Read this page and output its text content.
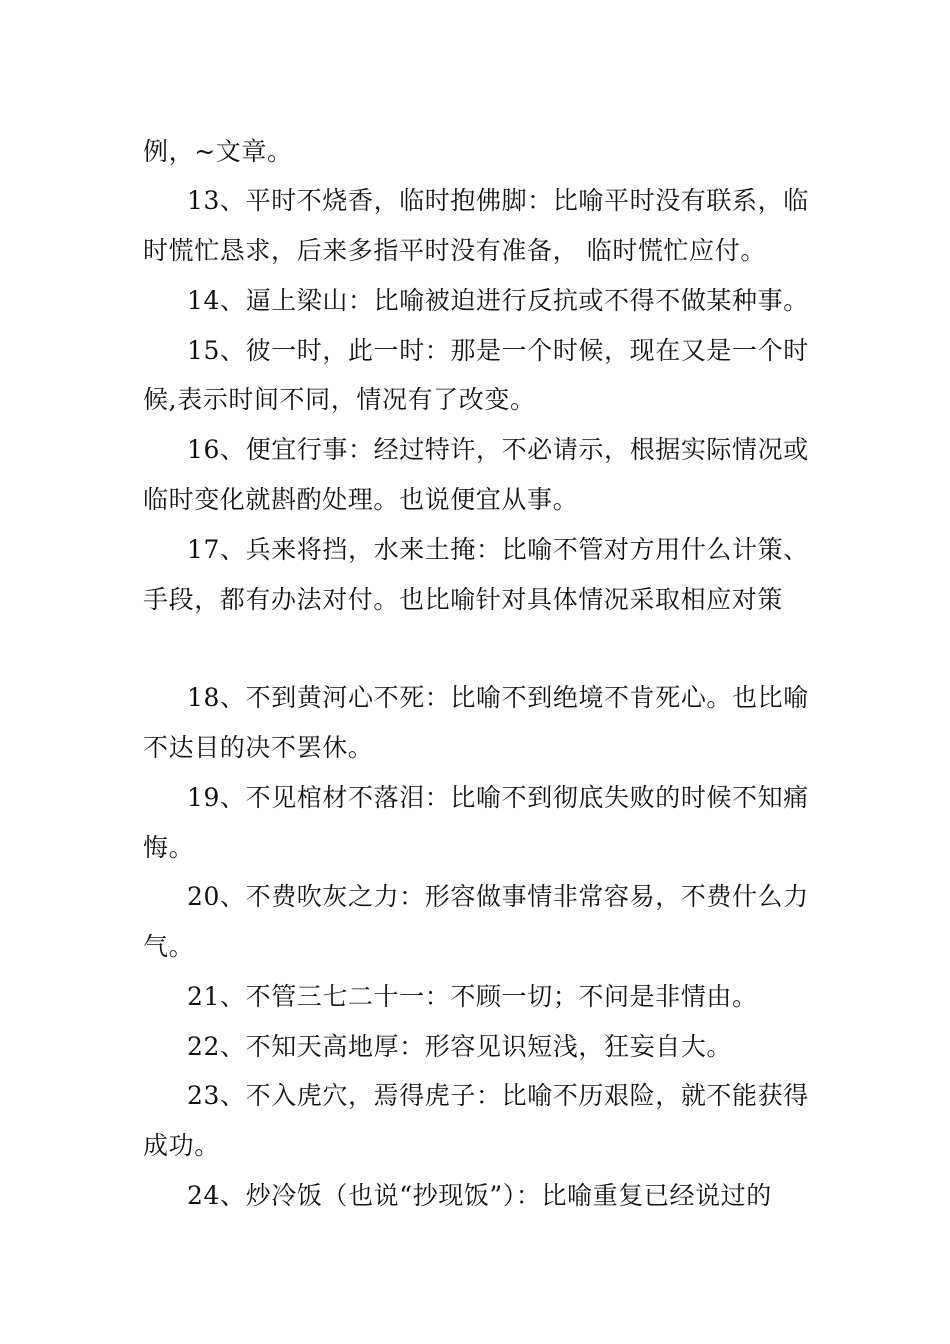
例，~文章。
13、平时不烧香，临时抱佛脚：比喻平时没有联系，临
时慌忙恳求，后来多指平时没有准备， 临时慌忙应付。
14、逼上梁山：比喻被迫进行反抗或不得不做某种事。
15、彼一时，此一时：那是一个时候，现在又是一个时
候,表示时间不同，情况有了改变。
16、便宜行事：经过特许，不必请示，根据实际情况或
临时变化就斟酌处理。也说便宜从事。
17、兵来将挡，水来土掩：比喻不管对方用什么计策、
手段，都有办法对付。也比喻针对具体情况采取相应对策
18、不到黄河心不死：比喻不到绝境不肯死心。也比喻
不达目的决不罢休。
19、不见棺材不落泪：比喻不到彻底失败的时候不知痛
悔。
20、不费吹灰之力：形容做事情非常容易，不费什么力
气。
21、不管三七二十一：不顾一切；不问是非情由。
22、不知天高地厚：形容见识短浅，狂妄自大。
23、不入虎穴，焉得虎子：比喻不历艰险，就不能获得
成功。
24、炒冷饭（也说“抄现饭”）：比喻重复已经说过的
